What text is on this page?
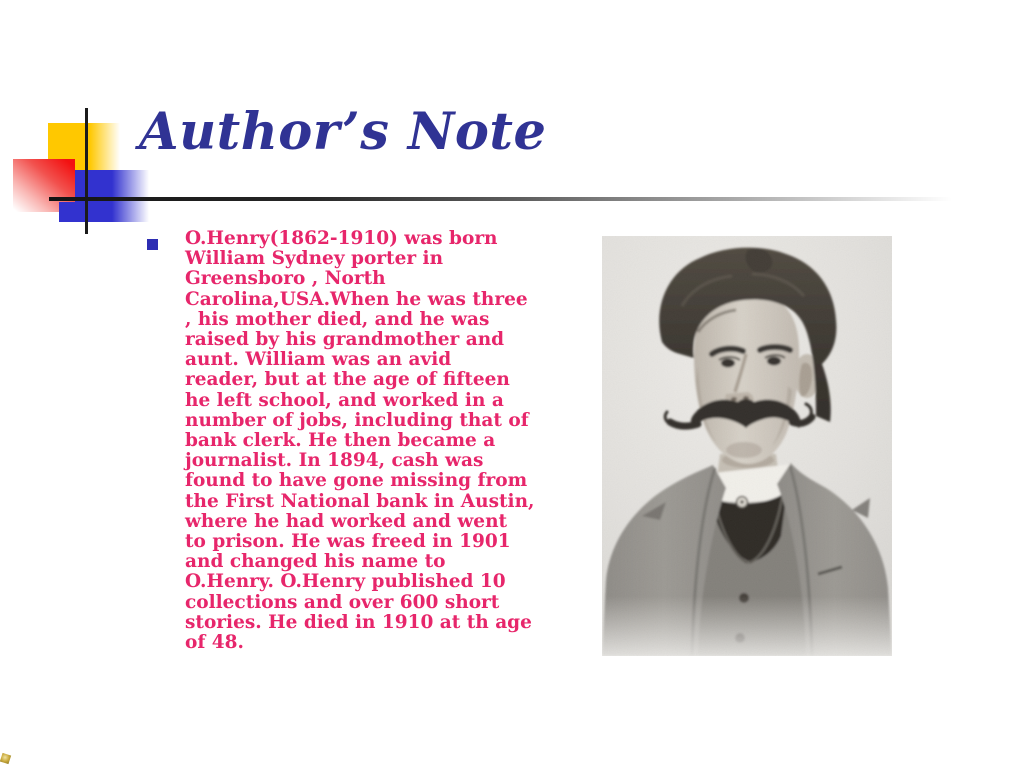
Author’s Note
O.Henry(1862-1910) was born
William Sydney porter in
Greensboro , North
Carolina,USA.When he was three
, his mother died, and he was
raised by his grandmother and
aunt. William was an avid
reader, but at the age of fifteen
he left school, and worked in a
number of jobs, including that of
bank clerk. He then became a
journalist. In 1894, cash was
found to have gone missing from
the First National bank in Austin,
where he had worked and went
to prison. He was freed in 1901
and changed his name to
O.Henry. O.Henry published 10
collections and over 600 short
stories. He died in 1910 at th age
of 48.
